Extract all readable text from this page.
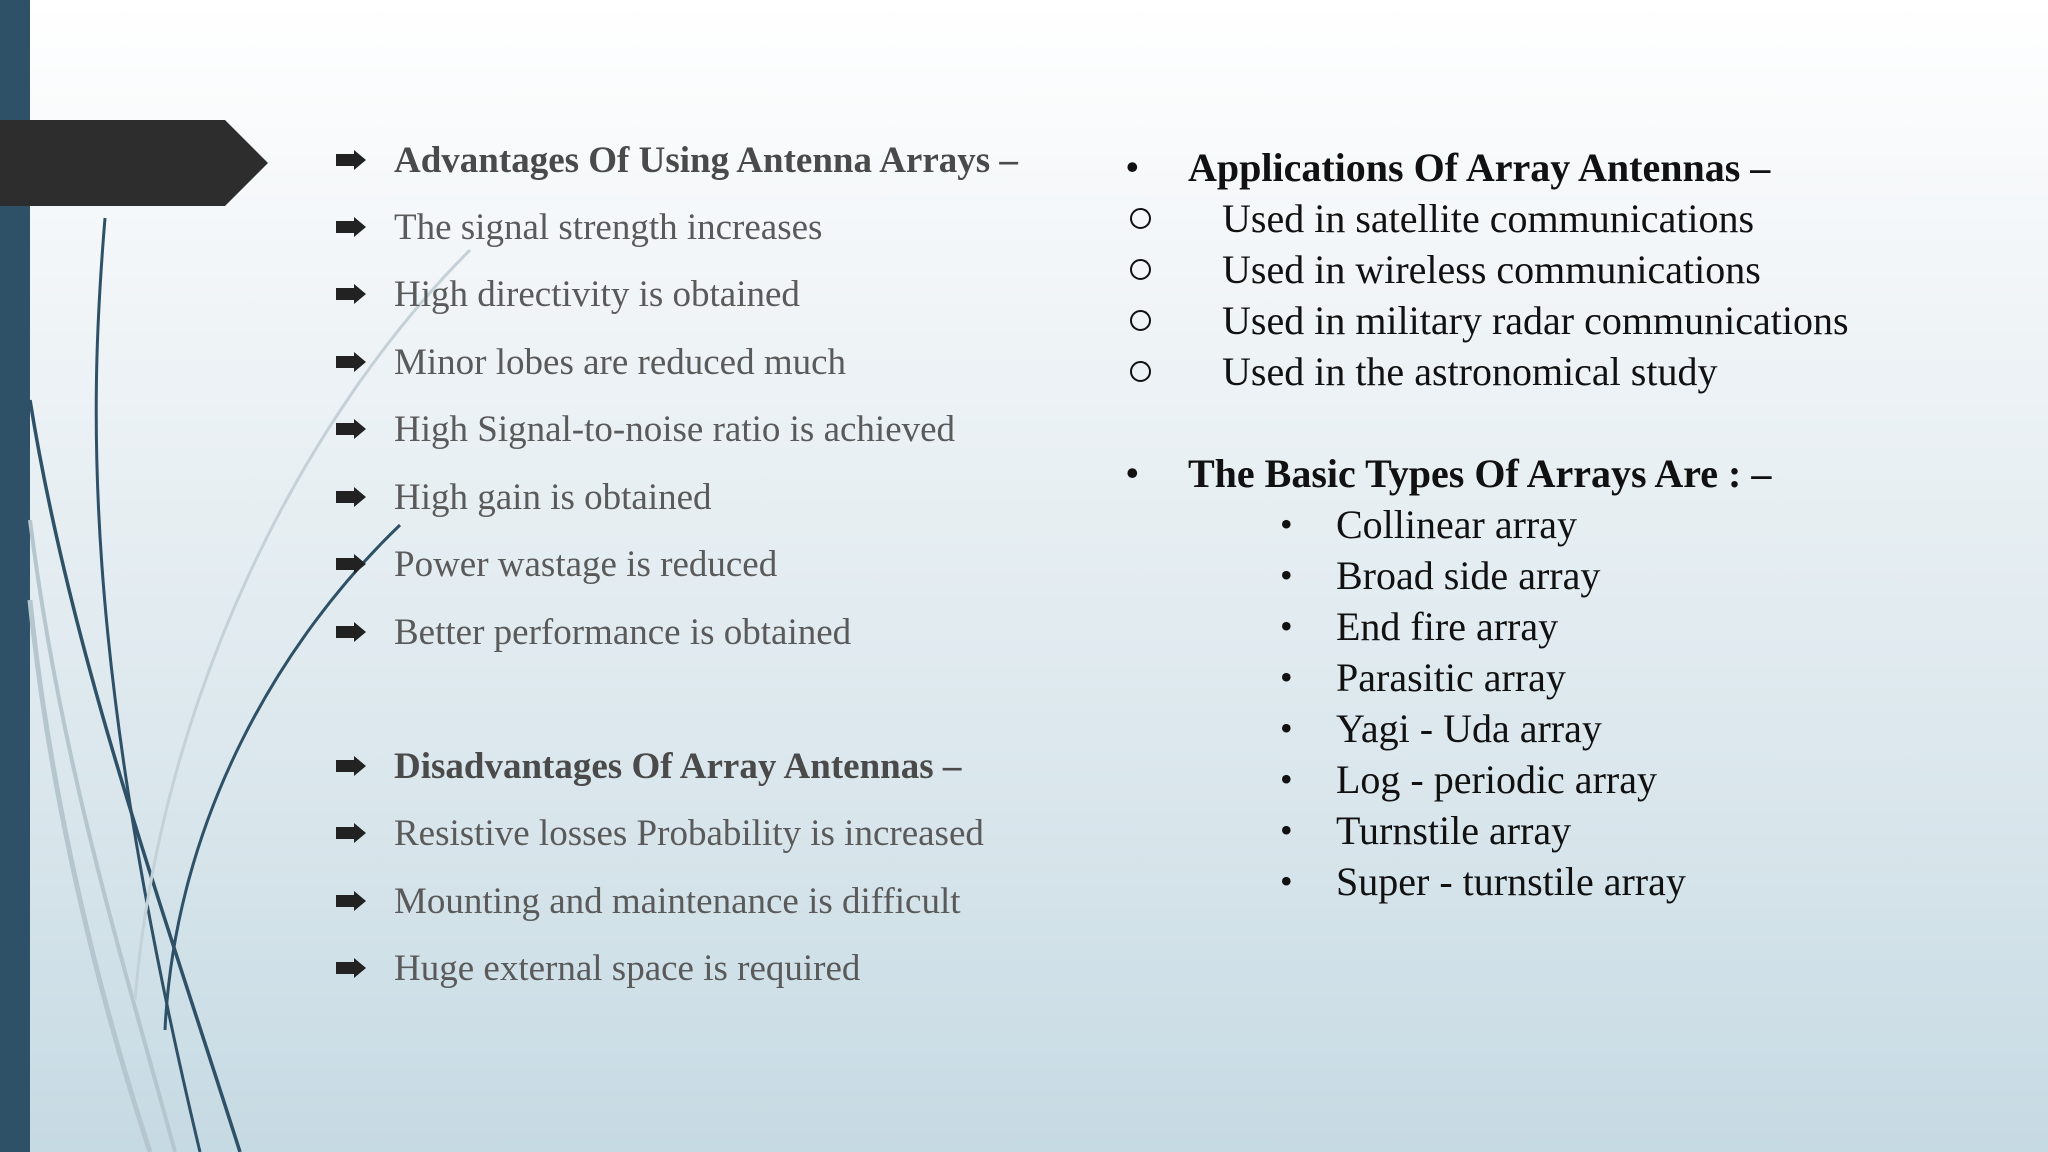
Advantages Of Using Antenna Arrays –
The signal strength increases
High directivity is obtained
Minor lobes are reduced much
High Signal-to-noise ratio is achieved
High gain is obtained
Power wastage is reduced
Better performance is obtained
Disadvantages Of Array Antennas –
Resistive losses Probability is increased
Mounting and maintenance is difficult
Huge external space is required
•	Applications Of Array Antennas –
Used in satellite communications
Used in wireless communications
Used in military radar communications
Used in the astronomical study
•	The Basic Types Of Arrays Are : –
•	Collinear array
•	Broad side array
•	End fire array
•	Parasitic array
•	Yagi - Uda array
•	Log - periodic array
•	Turnstile array
•	Super - turnstile array
